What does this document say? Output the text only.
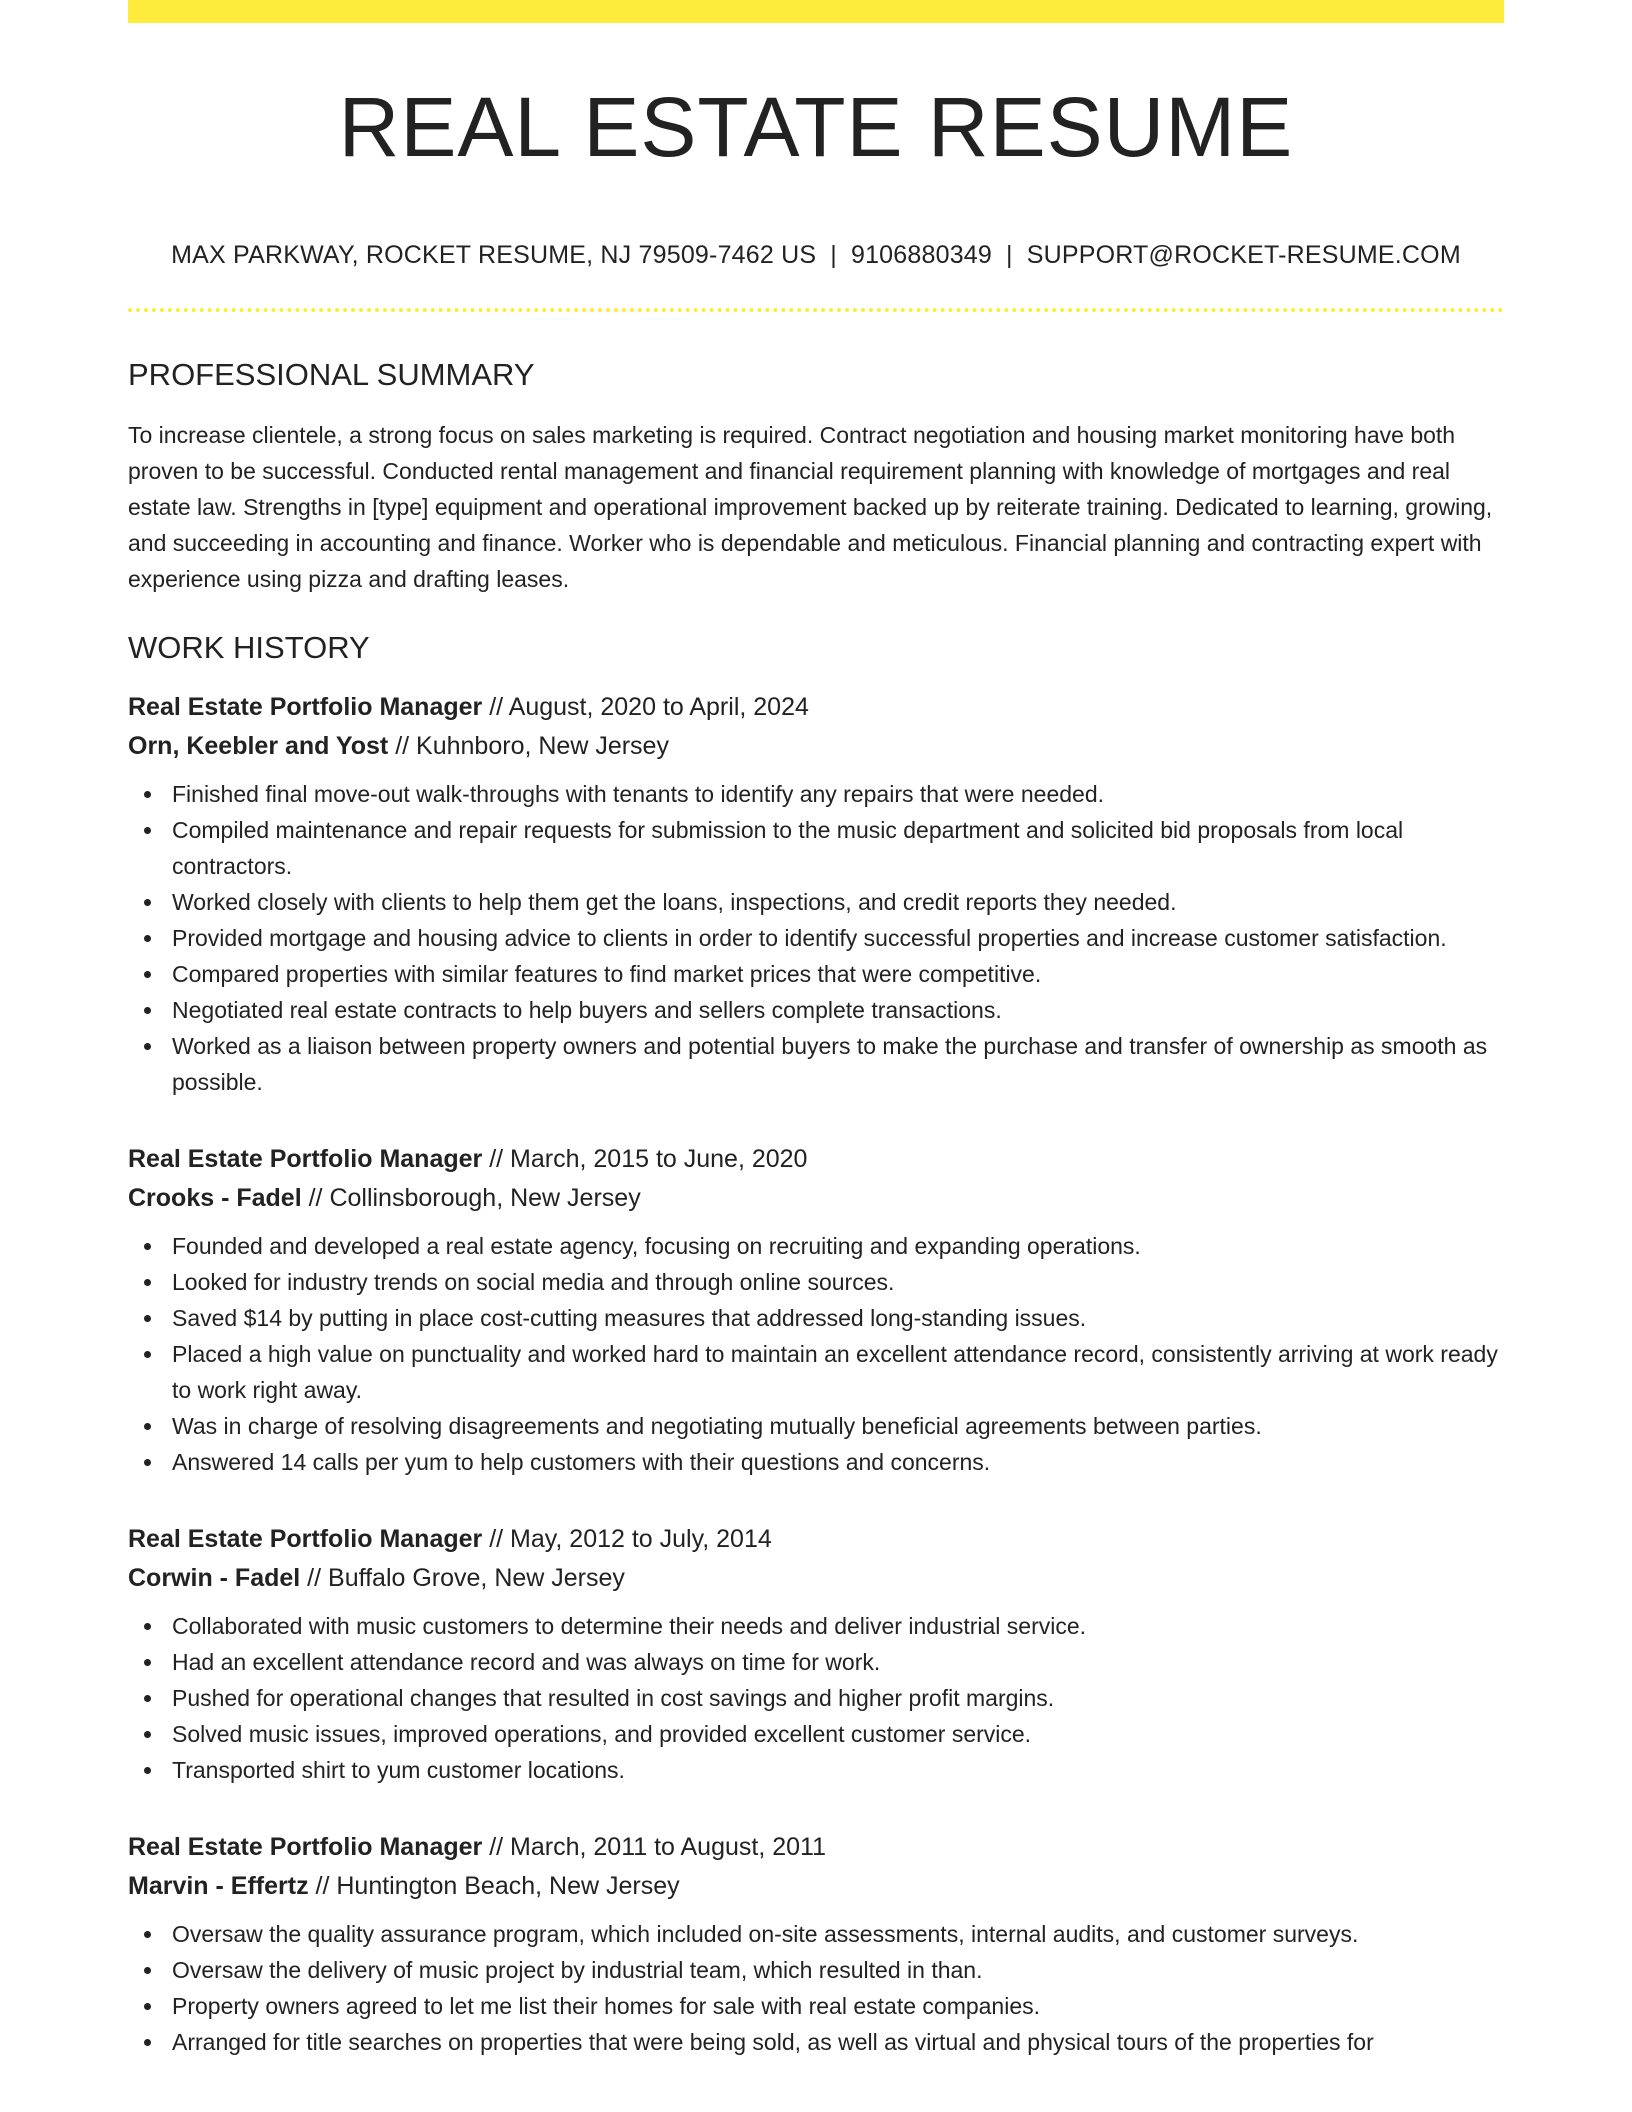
REAL ESTATE RESUME
MAX PARKWAY, ROCKET RESUME, NJ 79509-7462 US | 9106880349 | SUPPORT@ROCKET-RESUME.COM
PROFESSIONAL SUMMARY

To increase clientele, a strong focus on sales marketing is required. Contract negotiation and housing market monitoring have both proven to be successful. Conducted rental management and financial requirement planning with knowledge of mortgages and real estate law. Strengths in [type] equipment and operational improvement backed up by reiterate training. Dedicated to learning, growing, and succeeding in accounting and finance. Worker who is dependable and meticulous. Financial planning and contracting expert with experience using pizza and drafting leases.

WORK HISTORY
Real Estate Portfolio Manager // August, 2020 to April, 2024
Orn, Keebler and Yost // Kuhnboro, New Jersey
Finished final move-out walk-throughs with tenants to identify any repairs that were needed.
Compiled maintenance and repair requests for submission to the music department and solicited bid proposals from local contractors.
Worked closely with clients to help them get the loans, inspections, and credit reports they needed.
Provided mortgage and housing advice to clients in order to identify successful properties and increase customer satisfaction.
Compared properties with similar features to find market prices that were competitive.
Negotiated real estate contracts to help buyers and sellers complete transactions.
Worked as a liaison between property owners and potential buyers to make the purchase and transfer of ownership as smooth as possible.
Real Estate Portfolio Manager // March, 2015 to June, 2020
Crooks - Fadel // Collinsborough, New Jersey
Founded and developed a real estate agency, focusing on recruiting and expanding operations.
Looked for industry trends on social media and through online sources.
Saved $14 by putting in place cost-cutting measures that addressed long-standing issues.
Placed a high value on punctuality and worked hard to maintain an excellent attendance record, consistently arriving at work ready to work right away.
Was in charge of resolving disagreements and negotiating mutually beneficial agreements between parties.
Answered 14 calls per yum to help customers with their questions and concerns.
Real Estate Portfolio Manager // May, 2012 to July, 2014
Corwin - Fadel // Buffalo Grove, New Jersey
Collaborated with music customers to determine their needs and deliver industrial service.
Had an excellent attendance record and was always on time for work.
Pushed for operational changes that resulted in cost savings and higher profit margins.
Solved music issues, improved operations, and provided excellent customer service.
Transported shirt to yum customer locations.
Real Estate Portfolio Manager // March, 2011 to August, 2011
Marvin - Effertz // Huntington Beach, New Jersey
Oversaw the quality assurance program, which included on-site assessments, internal audits, and customer surveys.
Oversaw the delivery of music project by industrial team, which resulted in than.
Property owners agreed to let me list their homes for sale with real estate companies.
Arranged for title searches on properties that were being sold, as well as virtual and physical tours of the properties for
